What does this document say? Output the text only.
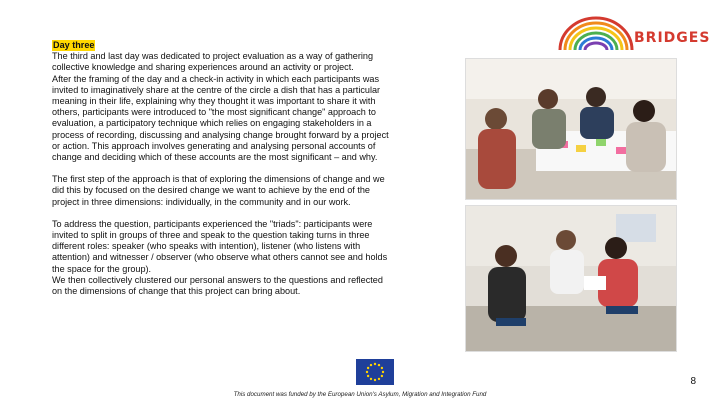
Day three
The third and last day was dedicated to project evaluation as a way of gathering
collective knowledge and sharing experiences around an activity or project.
After the framing of the day and a check-in activity in which each participants was
invited to imaginatively share at the centre of the circle a dish that has a particular
meaning in their life, explaining why they thought it was important to share it with
others, participants were introduced to "the most significant change" approach to
evaluation, a participatory technique which relies on engaging stakeholders in a
process of recording, discussing and analysing change brought forward by a project
or action. This approach involves generating and analysing personal accounts of
change and deciding which of these accounts are the most significant – and why.
The first step of the approach is that of exploring the dimensions of change and we
did this by focused on the desired change we want to achieve by the end of the
project in three dimensions: individually, in the community and in our work.
To address the question, participants experienced the "triads": participants were
invited to split in groups of three and speak to the question taking turns in three
different roles: speaker (who speaks with intention), listener (who listens with
attention) and witnesser / observer (who observe what others cannot see and holds
the space for the group).
We then collectively clustered our personal answers to the questions and reflected
on the dimensions of change that this project can bring about.
BRIDGES
8
This document was funded by the European Union's Asylum, Migration and Integration Fund
